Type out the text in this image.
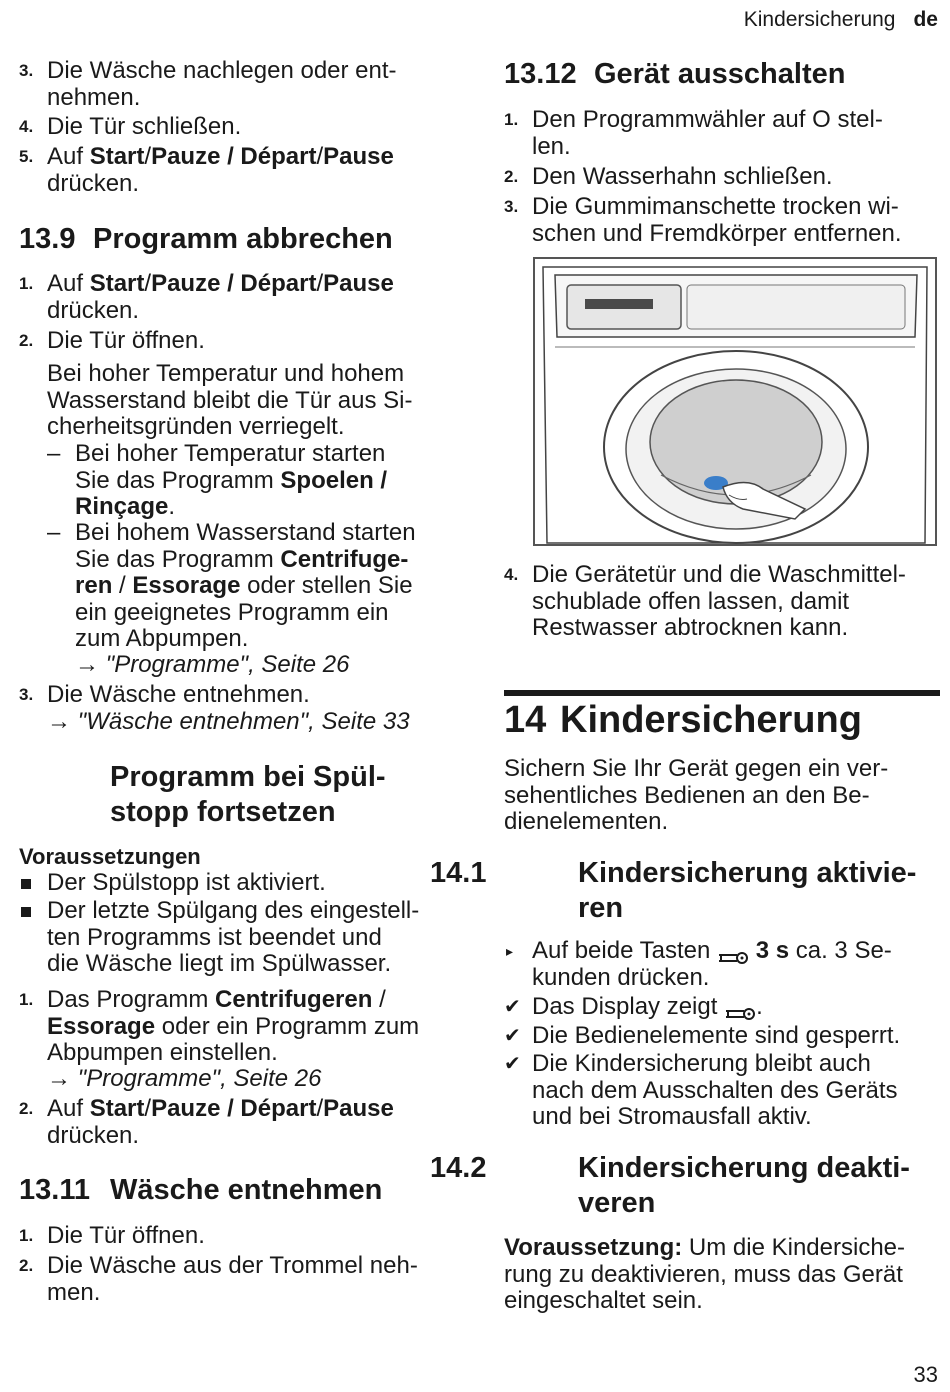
Kindersicherung de
3. Die Wäsche nachlegen oder ent-
nehmen.
4. Die Tür schließen.
5. Auf Start/Pauze / Départ/Pause
drücken.
13.9 Programm abbrechen
1. Auf Start/Pauze / Départ/Pause
drücken.
2. Die Tür öffnen.
Bei hoher Temperatur und hohem
Wasserstand bleibt die Tür aus Si-
cherheitsgründen verriegelt.
– Bei hoher Temperatur starten
Sie das Programm Spoelen /
Rinçage.
– Bei hohem Wasserstand starten
Sie das Programm Centrifuge-
ren / Essorage oder stellen Sie
ein geeignetes Programm ein
zum Abpumpen.
→ "Programme", Seite 26
3. Die Wäsche entnehmen.
→ "Wäsche entnehmen", Seite 33
Programm bei Spül-
stopp fortsetzen
Voraussetzungen
Der Spülstopp ist aktiviert.
Der letzte Spülgang des eingestell-
ten Programms ist beendet und
die Wäsche liegt im Spülwasser.
1. Das Programm Centrifugeren / Essorage oder ein Programm zum
Abpumpen einstellen.
→ "Programme", Seite 26
2. Auf Start/Pauze / Départ/Pause
drücken.
13.11 Wäsche entnehmen
1. Die Tür öffnen.
2. Die Wäsche aus der Trommel neh-
men.
13.12 Gerät ausschalten
1. Den Programmwähler auf O stel-
len.
2. Den Wasserhahn schließen.
3. Die Gummimanschette trocken wi-
schen und Fremdkörper entfernen.
4. Die Gerätetür und die Waschmittel-
schublade offen lassen, damit
Restwasser abtrocknen kann.
14 Kindersicherung
Sichern Sie Ihr Gerät gegen ein ver-
sehentliches Bedienen an den Be-
dienelementen.
14.1	Kindersicherung aktivie-
ren
▸ Auf beide Tasten  3 s ca. 3 Se-
kunden drücken.
✔ Das Display zeigt .
✔ Die Bedienelemente sind gesperrt.
✔ Die Kindersicherung bleibt auch
nach dem Ausschalten des Geräts
und bei Stromausfall aktiv.
14.2	Kindersicherung deakti-
veren
Voraussetzung: Um die Kindersiche-
rung zu deaktivieren, muss das Gerät
eingeschaltet sein.
33
